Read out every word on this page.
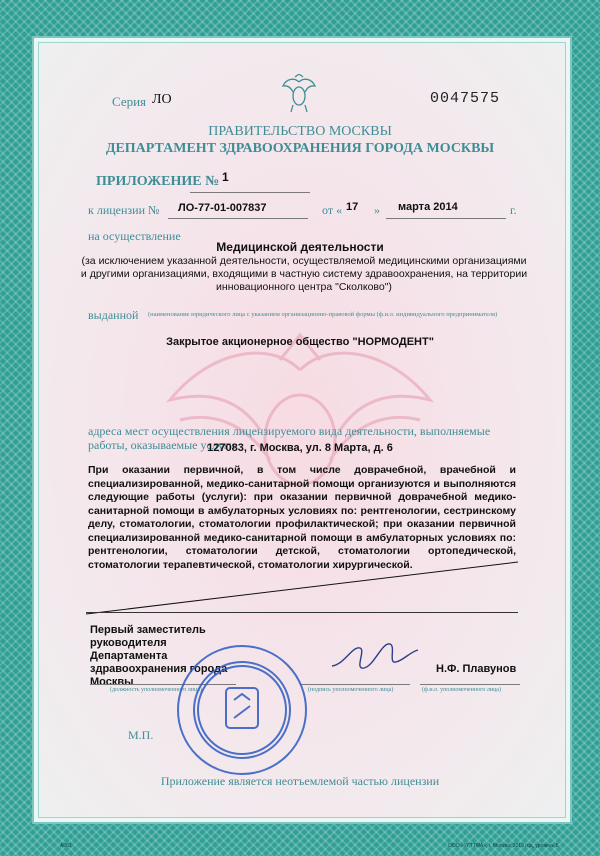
Серия ЛО	0047575
ПРАВИТЕЛЬСТВО МОСКВЫ
ДЕПАРТАМЕНТ ЗДРАВООХРАНЕНИЯ ГОРОДА МОСКВЫ
ПРИЛОЖЕНИЕ № 1
к лицензии № ЛО-77-01-007837	от « 17 » марта 2014	г.
на осуществление
Медицинской деятельности
(за исключением указанной деятельности, осуществляемой медицинскими организациями и другими организациями, входящими в частную систему здравоохранения, на территории инновационного центра "Сколково")
выданной (наименование юридического лица с указанием организационно-правовой формы (ф.и.о. индивидуального предпринимателя)
Закрытое акционерное общество "НОРМОДЕНТ"
адреса мест осуществления лицензируемого вида деятельности, выполняемые работы, оказываемые услуги
127083, г. Москва, ул. 8 Марта, д. 6
При оказании первичной, в том числе доврачебной, врачебной и специализированной, медико-санитарной помощи организуются и выполняются следующие работы (услуги): при оказании первичной доврачебной медико-санитарной помощи в амбулаторных условиях по: рентгенологии, сестринскому делу, стоматологии, стоматологии профилактической; при оказании первичной специализированной медико-санитарной помощи в амбулаторных условиях по: рентгенологии, стоматологии детской, стоматологии ортопедической, стоматологии терапевтической, стоматологии хирургической.
Первый заместитель руководителя Департамента здравоохранения города Москвы
Н.Ф. Плавунов
(должность уполномоченного лица)	(подпись уполномоченного лица)	(ф.и.о. уполномоченного лица)
М.П.
Приложение является неотъемлемой частью лицензии
А061	ООО «УГТТМА», г. Москва, 2013 год, уровень Б
